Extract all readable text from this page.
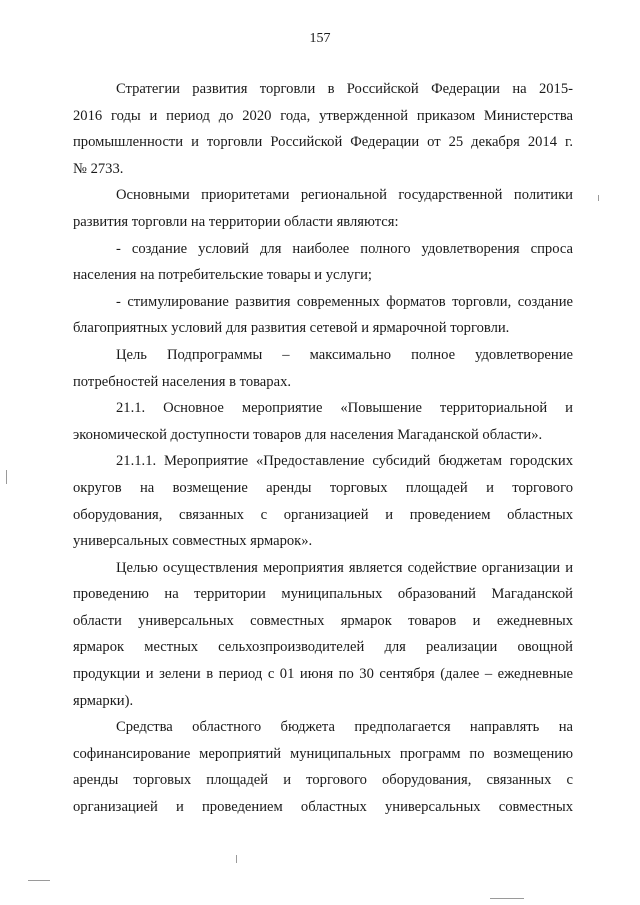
157
Стратегии развития торговли в Российской Федерации на 2015-
2016 годы и период до 2020 года, утвержденной приказом Министерства
промышленности и торговли Российской Федерации от 25 декабря 2014 г.
№ 2733.
Основными приоритетами региональной государственной политики
развития торговли на территории области являются:
- создание условий для наиболее полного удовлетворения спроса
населения на потребительские товары и услуги;
- стимулирование развития современных форматов торговли, создание
благоприятных условий для развития сетевой и ярмарочной торговли.
Цель Подпрограммы – максимально полное удовлетворение
потребностей населения в товарах.
21.1. Основное мероприятие «Повышение территориальной и
экономической доступности товаров для населения Магаданской области».
21.1.1. Мероприятие «Предоставление субсидий бюджетам городских
округов на возмещение аренды торговых площадей и торгового
оборудования, связанных с организацией и проведением областных
универсальных совместных ярмарок».
Целью осуществления мероприятия является содействие организации и
проведению на территории муниципальных образований Магаданской
области универсальных совместных ярмарок товаров и ежедневных
ярмарок местных сельхозпроизводителей для реализации овощной
продукции и зелени в период с 01 июня по 30 сентября (далее – ежедневные
ярмарки).
Средства областного бюджета предполагается направлять на
софинансирование мероприятий муниципальных программ по возмещению
аренды торговых площадей и торгового оборудования, связанных с
организацией и проведением областных универсальных совместных
